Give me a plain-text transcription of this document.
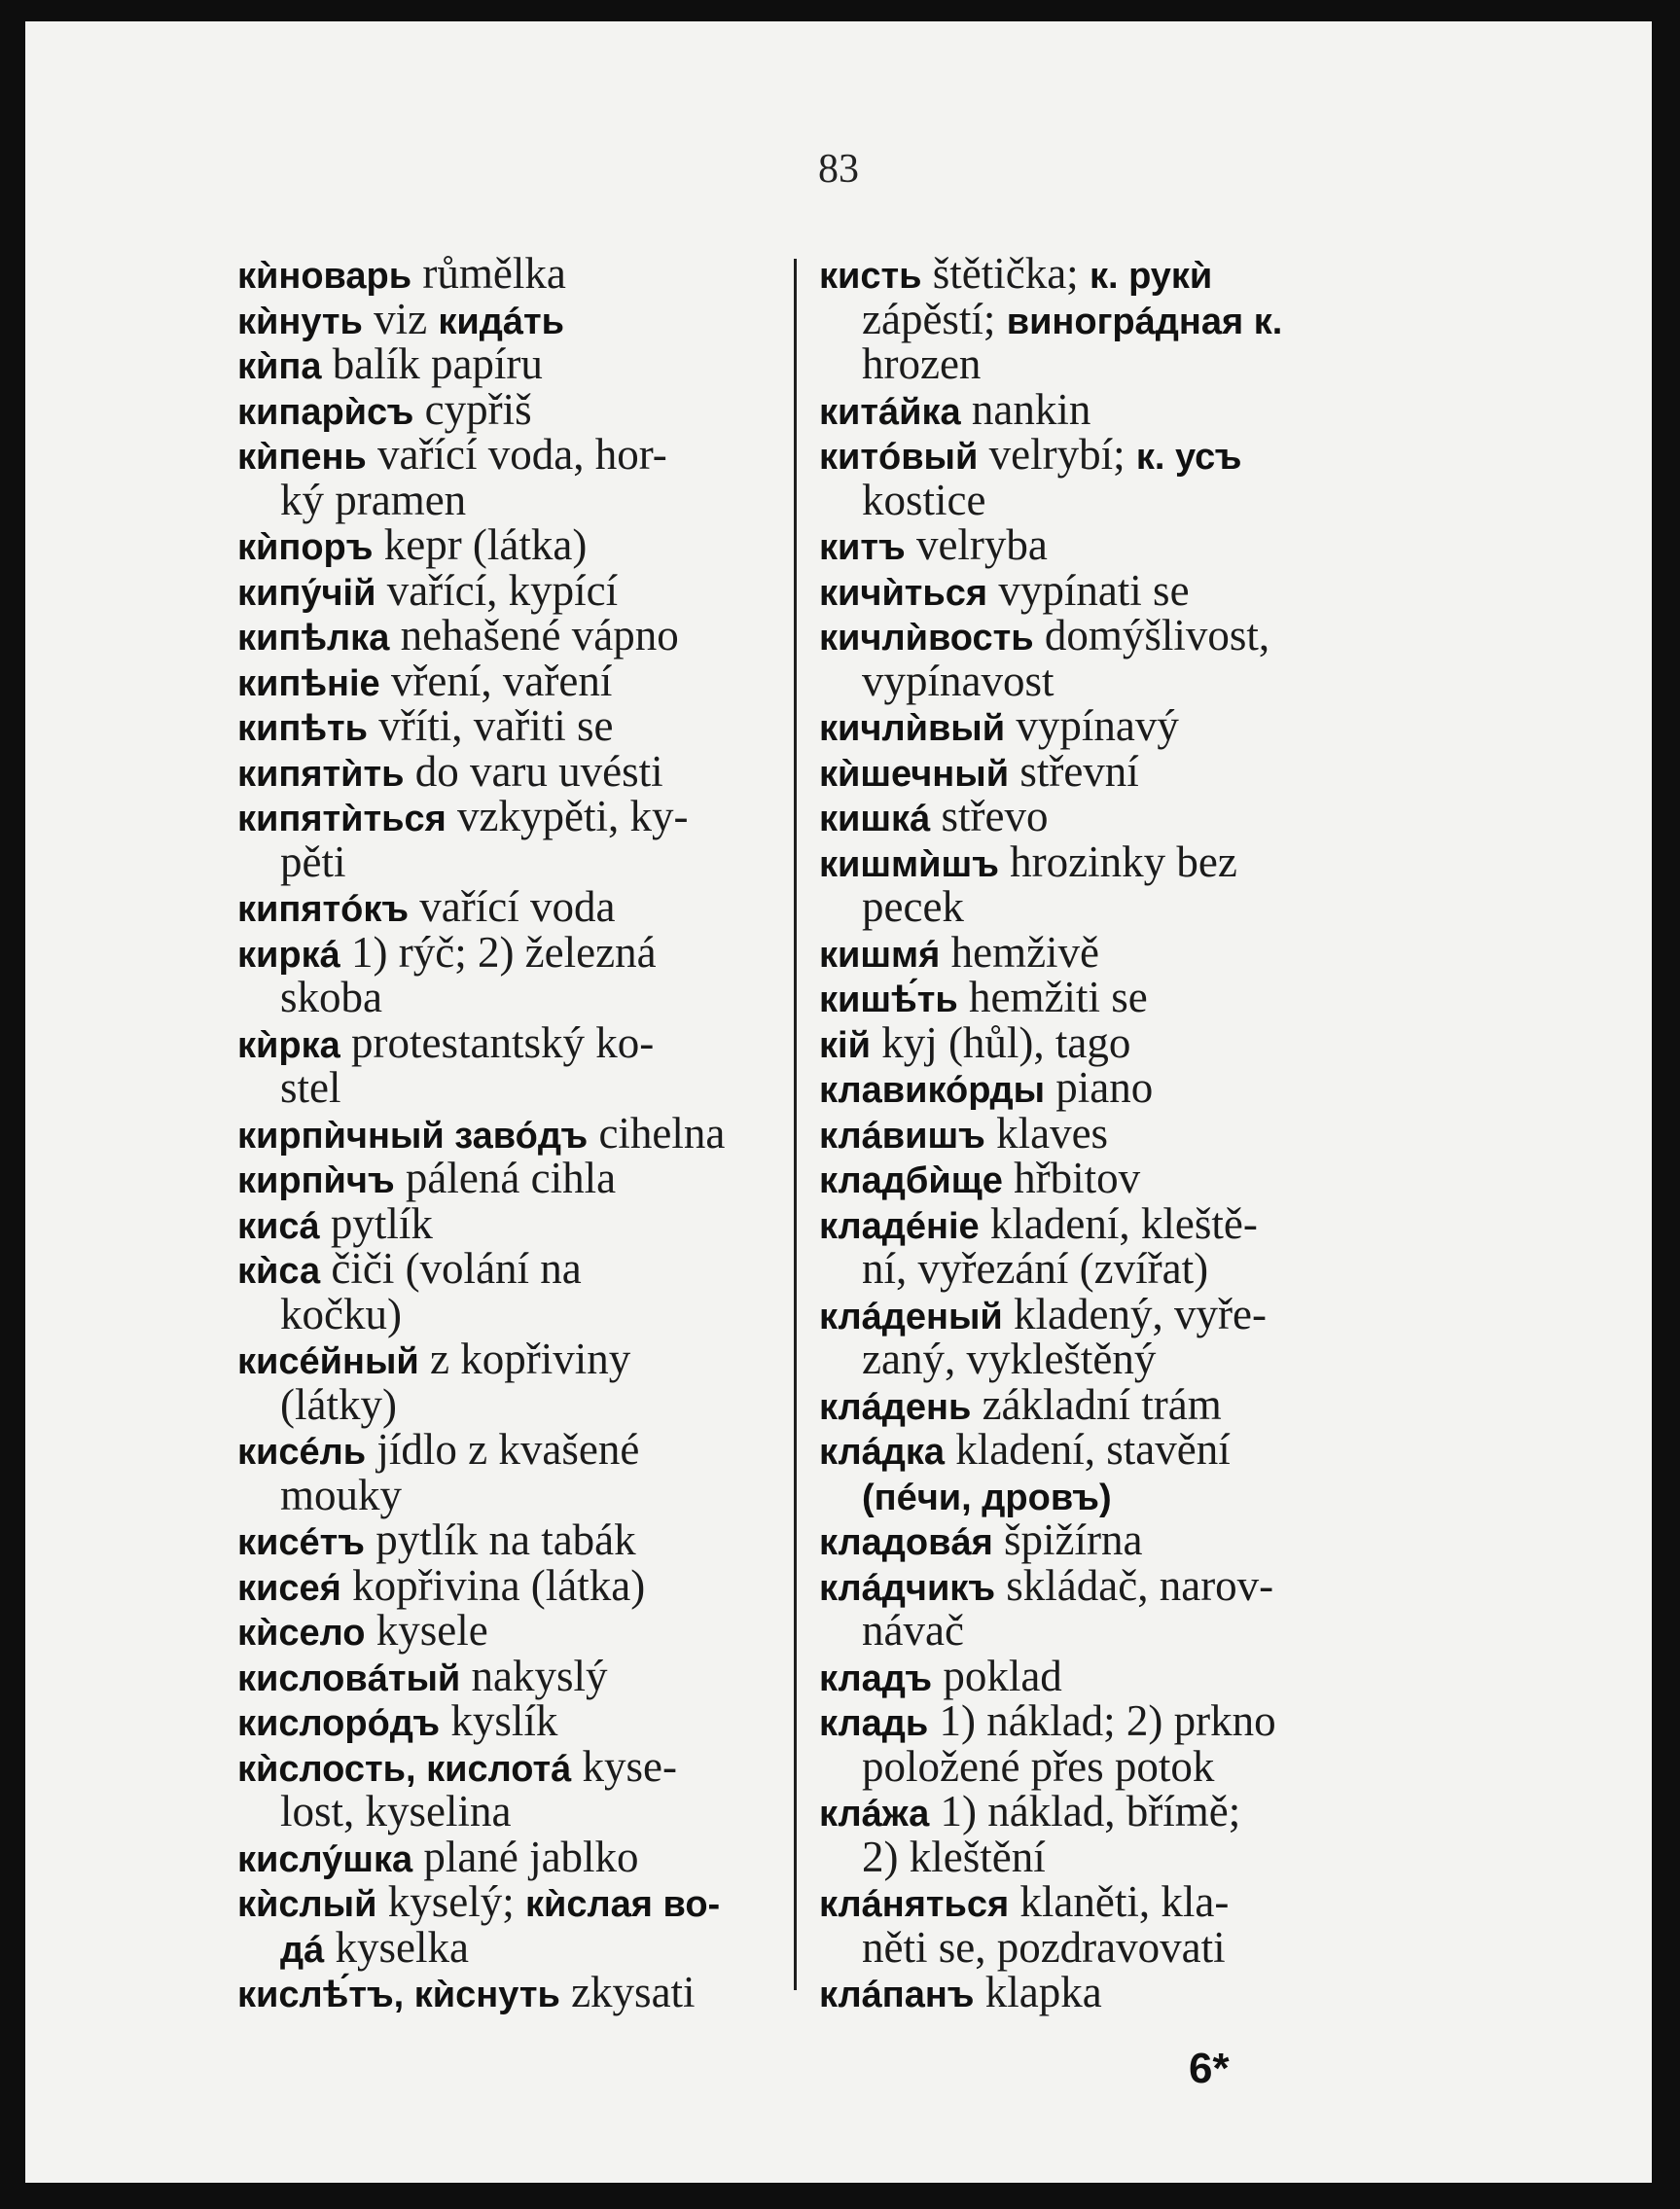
83
кѝноварь růmělka
кѝнуть viz кидáть
кѝпа balík papíru
кипарѝсъ cypřiš
кѝпень vařící voda, hor-
ký pramen
кѝпоръ kepr (látka)
кипу́чій vařící, kypící
кипѣлка nehašené vápno
кипѣніе vření, vaření
кипѣть vříti, vařiti se
кипятѝть do varu uvésti
кипятѝться vzkypěti, ky-
pěti
кипятóкъ vařící voda
киркá 1) rýč; 2) železná
skoba
кѝрка protestantský ko-
stel
кирпѝчный заво́дъ cihelna
кирпѝчъ pálená cihla
кисá pytlík
кѝса čiči (volání na
kočku)
кисéйный z kopřiviny
(látky)
кисéль jídlo z kvašené
mouky
кисéтъ pytlík na tabák
кисея́ kopřivina (látka)
кѝсело kysele
кисловáтый nakyslý
кислоро́дъ kyslík
кѝслость, кислотá kyse-
lost, kyselina
кислу́шка plané jablko
кѝслый kyselý; кѝслая во-
дá kyselka
кислѣ́тъ, кѝснуть zkysati
кисть štětička; к. рукѝ
zápěstí; виногрáдная к.
hrozen
китáйка nankin
китóвый velrybí; к. усъ
kostice
китъ velryba
кичѝться vypínati se
кичлѝвость domýšlivost,
vypínavost
кичлѝвый vypínavý
кѝшечный střevní
кишкá střevo
кишмѝшъ hrozinky bez
pecek
кишмя́ hemživě
кишѣ́ть hemžiti se
кій kyj (hůl), tago
клавико́рды piano
клáвишъ klaves
кладбѝще hřbitov
кладéніе kladení, kleště-
ní, vyřezání (zvířat)
клáденый kladený, vyře-
zaný, vykleštěný
клáдень základní trám
клáдка kladení, stavění
(пéчи, дровъ)
кладовáя špižírna
клáдчикъ skládač, narov-
návač
кладъ poklad
кладь 1) náklad; 2) prkno
položené přes potok
клáжа 1) náklad, břímě;
2) kleštění
клáняться klaněti, kla-
něti se, pozdravovati
клáпанъ klapka
6*
